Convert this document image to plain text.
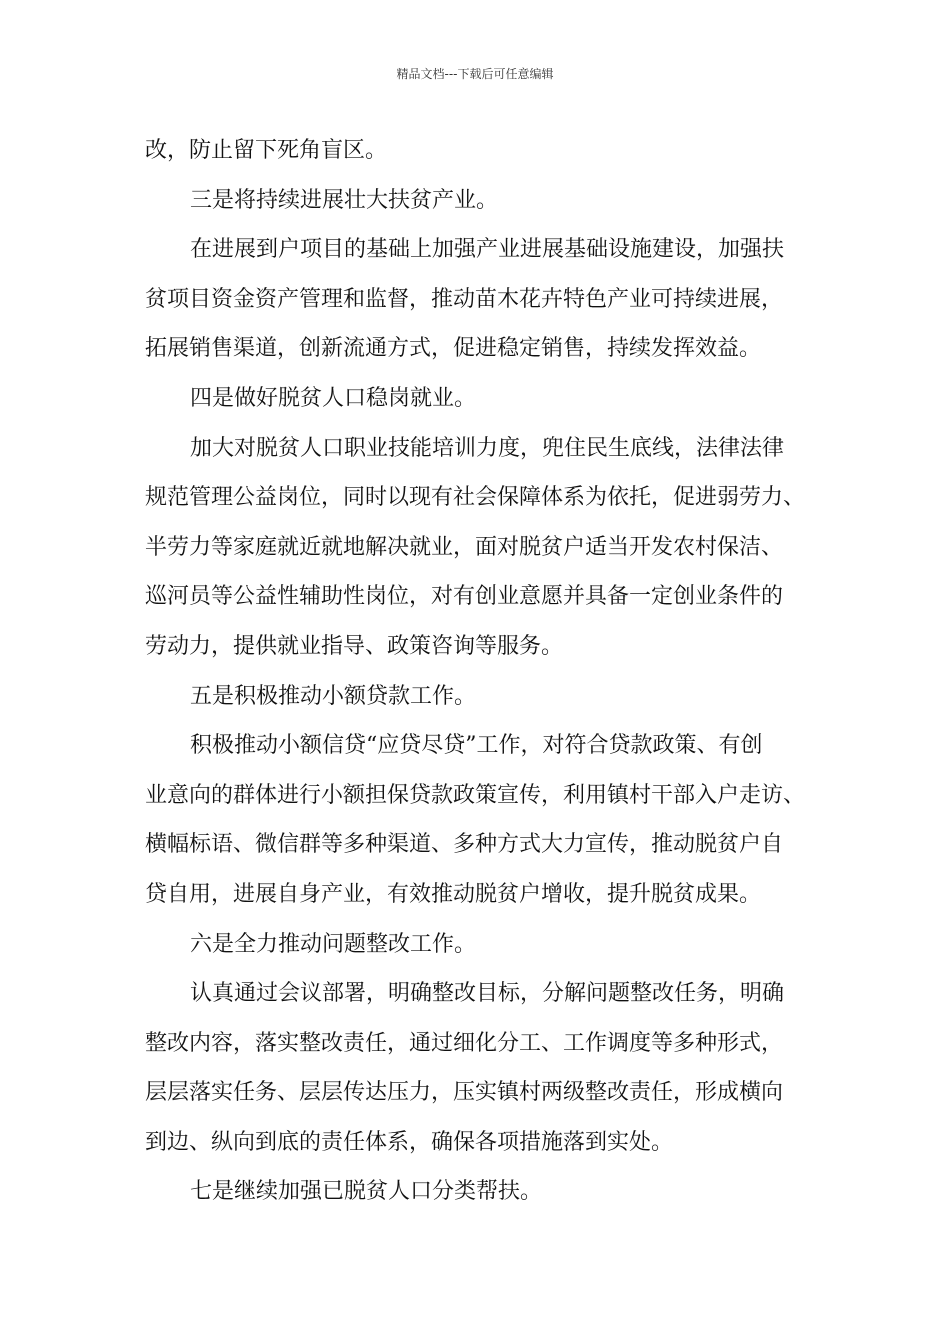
精品文档---下载后可任意编辑
改，防止留下死角盲区。
三是将持续进展壮大扶贫产业。
在进展到户项目的基础上加强产业进展基础设施建设，加强扶
贫项目资金资产管理和监督，推动苗木花卉特色产业可持续进展，
拓展销售渠道，创新流通方式，促进稳定销售，持续发挥效益。
四是做好脱贫人口稳岗就业。
加大对脱贫人口职业技能培训力度，兜住民生底线，法律法律
规范管理公益岗位，同时以现有社会保障体系为依托，促进弱劳力、
半劳力等家庭就近就地解决就业，面对脱贫户适当开发农村保洁、
巡河员等公益性辅助性岗位，对有创业意愿并具备一定创业条件的
劳动力，提供就业指导、政策咨询等服务。
五是积极推动小额贷款工作。
积极推动小额信贷“应贷尽贷”工作，对符合贷款政策、有创
业意向的群体进行小额担保贷款政策宣传，利用镇村干部入户走访、
横幅标语、微信群等多种渠道、多种方式大力宣传，推动脱贫户自
贷自用，进展自身产业，有效推动脱贫户增收，提升脱贫成果。
六是全力推动问题整改工作。
认真通过会议部署，明确整改目标，分解问题整改任务，明确
整改内容，落实整改责任，通过细化分工、工作调度等多种形式，
层层落实任务、层层传达压力，压实镇村两级整改责任，形成横向
到边、纵向到底的责任体系，确保各项措施落到实处。
七是继续加强已脱贫人口分类帮扶。
